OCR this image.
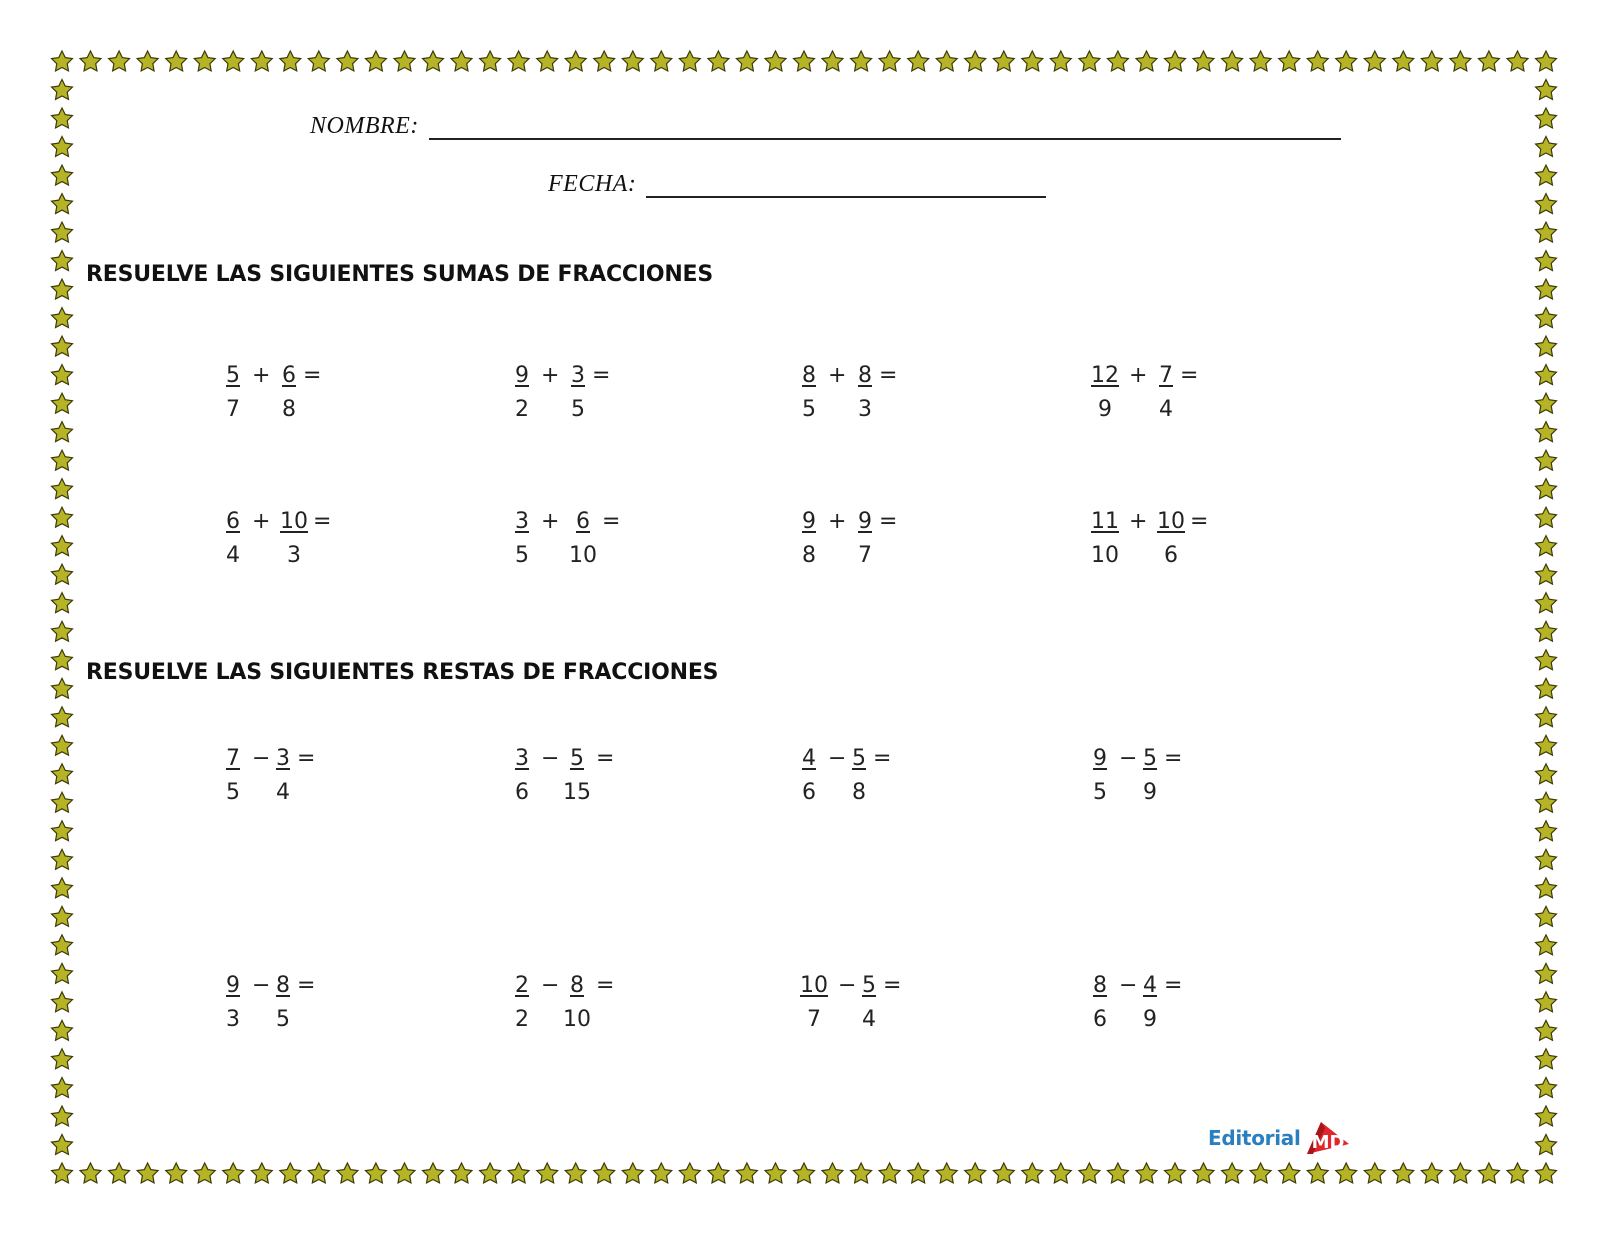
NOMBRE:
FECHA:
RESUELVE LAS SIGUIENTES SUMAS DE FRACCIONES
RESUELVE LAS SIGUIENTES RESTAS DE FRACCIONES
$\frac{5}{7} + \frac{6}{8}$ =	$\frac{9}{2} + \frac{3}{5}$ =	$\frac{8}{5} + \frac{8}{3}$ =	$\frac{12}{9} + \frac{7}{4}$ =
$\frac{6}{4} + \frac{10}{3}$ =	$\frac{3}{5} + \frac{6}{10}$ =	$\frac{9}{8} + \frac{9}{7}$ =	$\frac{11}{10} + \frac{10}{6}$ =
$\frac{7}{5} - \frac{3}{4}$ =	$\frac{3}{6} - \frac{5}{15}$ =	$\frac{4}{6} - \frac{5}{8}$ =	$\frac{9}{5} - \frac{5}{9}$ =
$\frac{9}{3} - \frac{8}{5}$ =	$\frac{2}{2} - \frac{8}{10}$ =	$\frac{10}{7} - \frac{5}{4}$ =	$\frac{8}{6} - \frac{4}{9}$ =
Editorial MD
